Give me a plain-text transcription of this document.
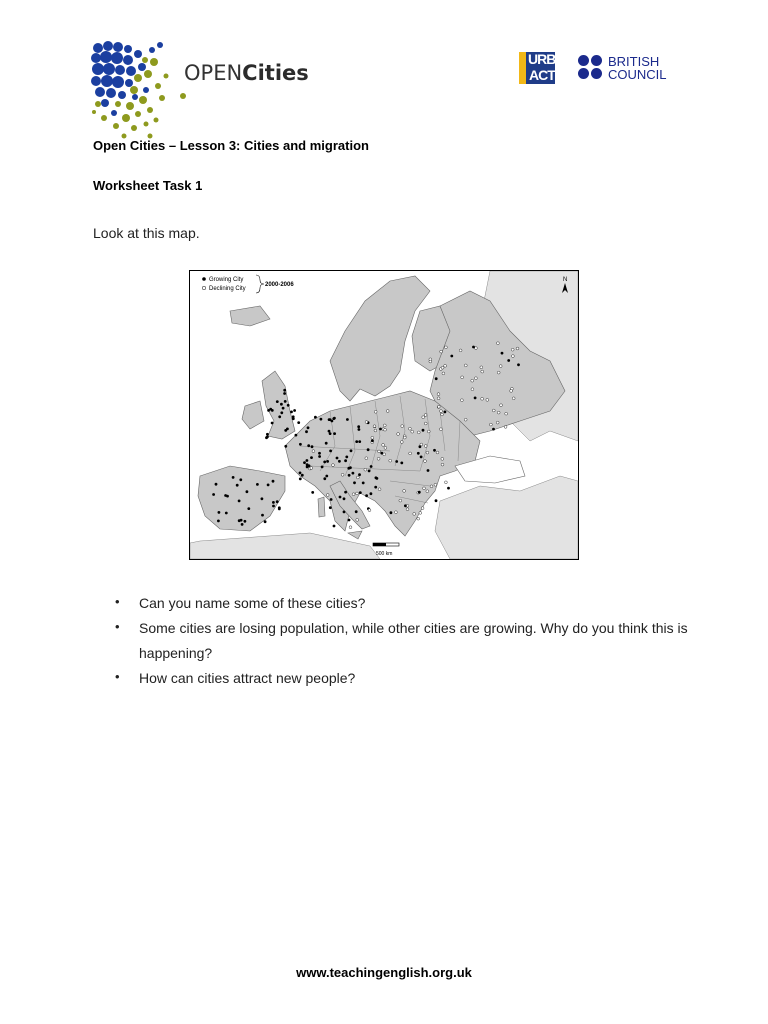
OPENCities
URB
ACT
BRITISH
COUNCIL
Open Cities – Lesson 3: Cities and migration
Worksheet Task 1
Look at this map.
Growing City
Declining City
2000-2006
N
500 km
• Can you name some of these cities?
• Some cities are losing population, while other cities are growing. Why do you think this is happening?
• How can cities attract new people?
www.teachingenglish.org.uk
